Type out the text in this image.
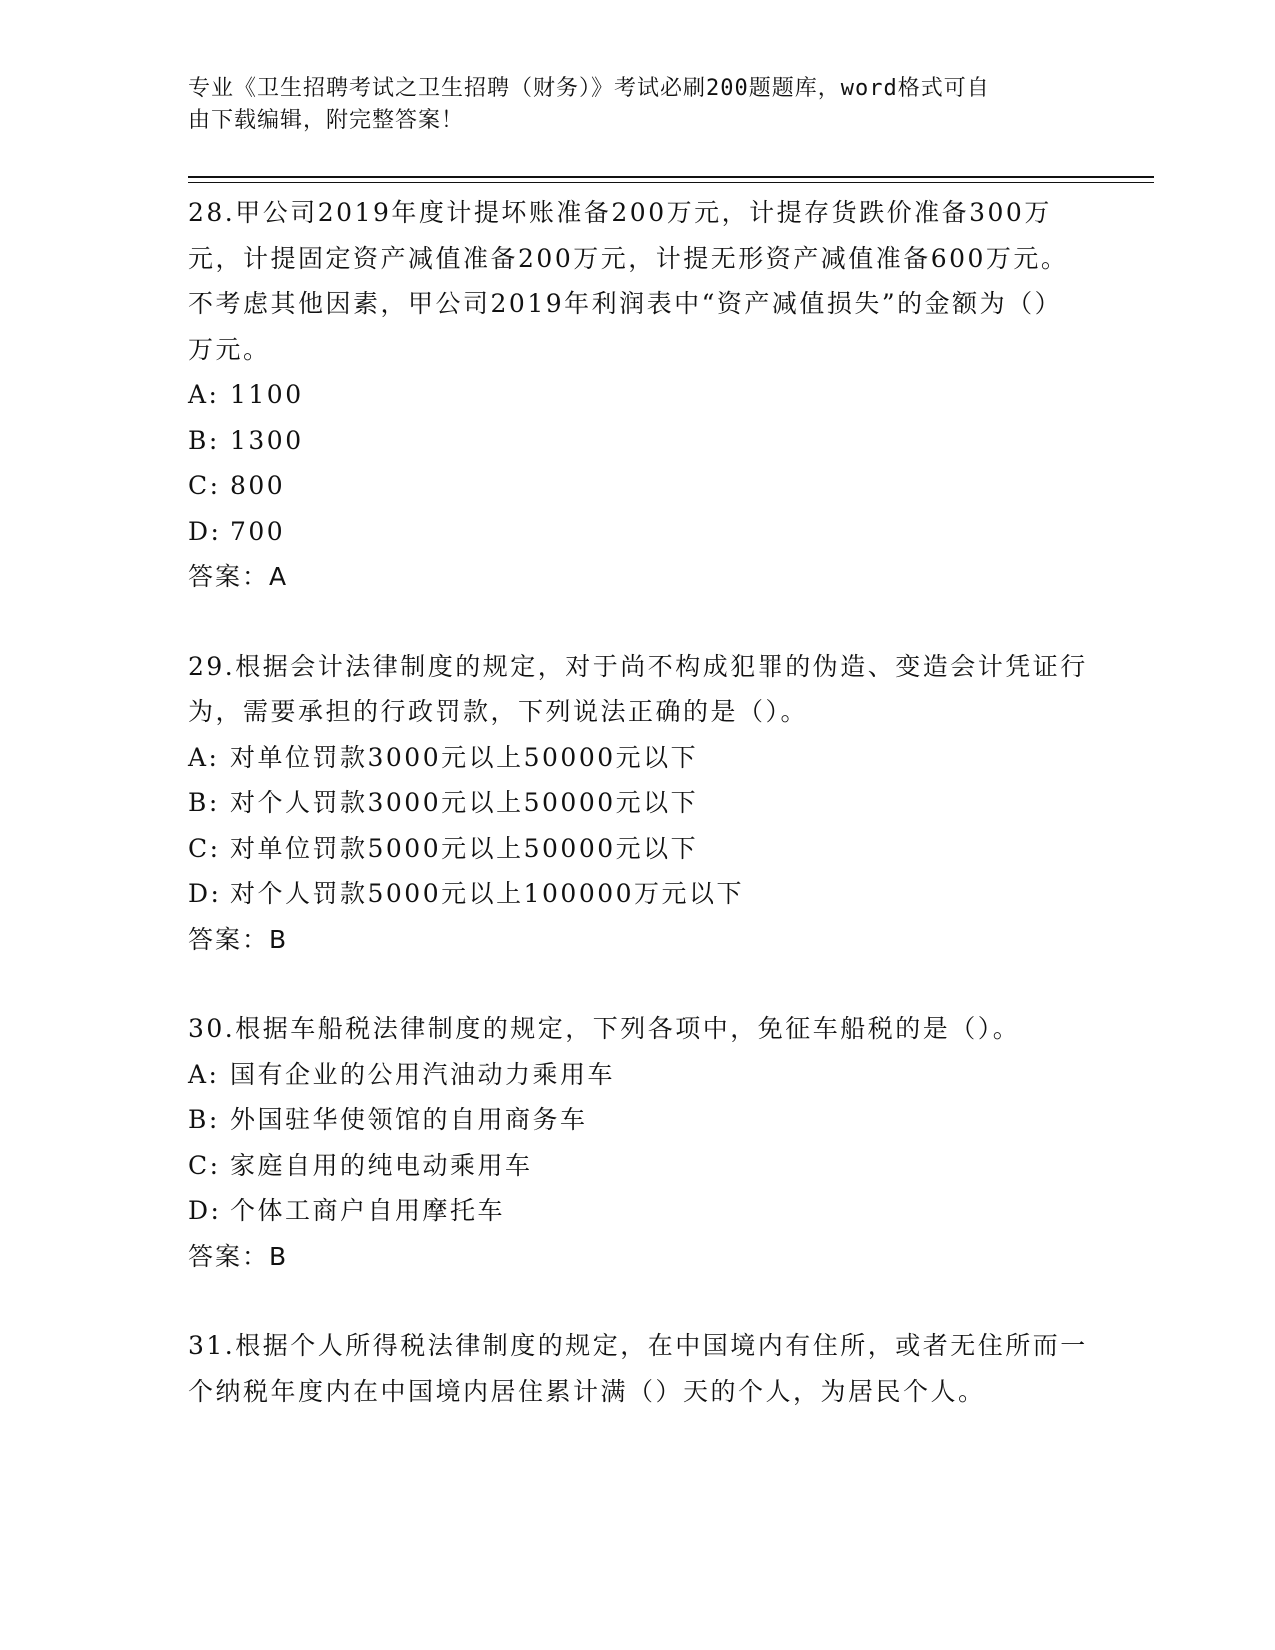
专业《卫生招聘考试之卫生招聘（财务）》考试必刷200题题库，word格式可自
由下载编辑，附完整答案！

28.甲公司2019年度计提坏账准备200万元，计提存货跌价准备300万元，计提固定资产减值准备200万元，计提无形资产减值准备600万元。不考虑其他因素，甲公司2019年利润表中“资产减值损失”的金额为（）万元。

A: 1100

B: 1300

C: 800

D: 700

答案：A

29.根据会计法律制度的规定，对于尚不构成犯罪的伪造、变造会计凭证行为，需要承担的行政罚款，下列说法正确的是（）。

A: 对单位罚款3000元以上50000元以下

B: 对个人罚款3000元以上50000元以下

C: 对单位罚款5000元以上50000元以下

D: 对个人罚款5000元以上100000万元以下

答案：B

30.根据车船税法律制度的规定，下列各项中，免征车船税的是（）。

A: 国有企业的公用汽油动力乘用车

B: 外国驻华使领馆的自用商务车

C: 家庭自用的纯电动乘用车

D: 个体工商户自用摩托车

答案：B

31.根据个人所得税法律制度的规定，在中国境内有住所，或者无住所而一个纳税年度内在中国境内居住累计满（）天的个人，为居民个人。
